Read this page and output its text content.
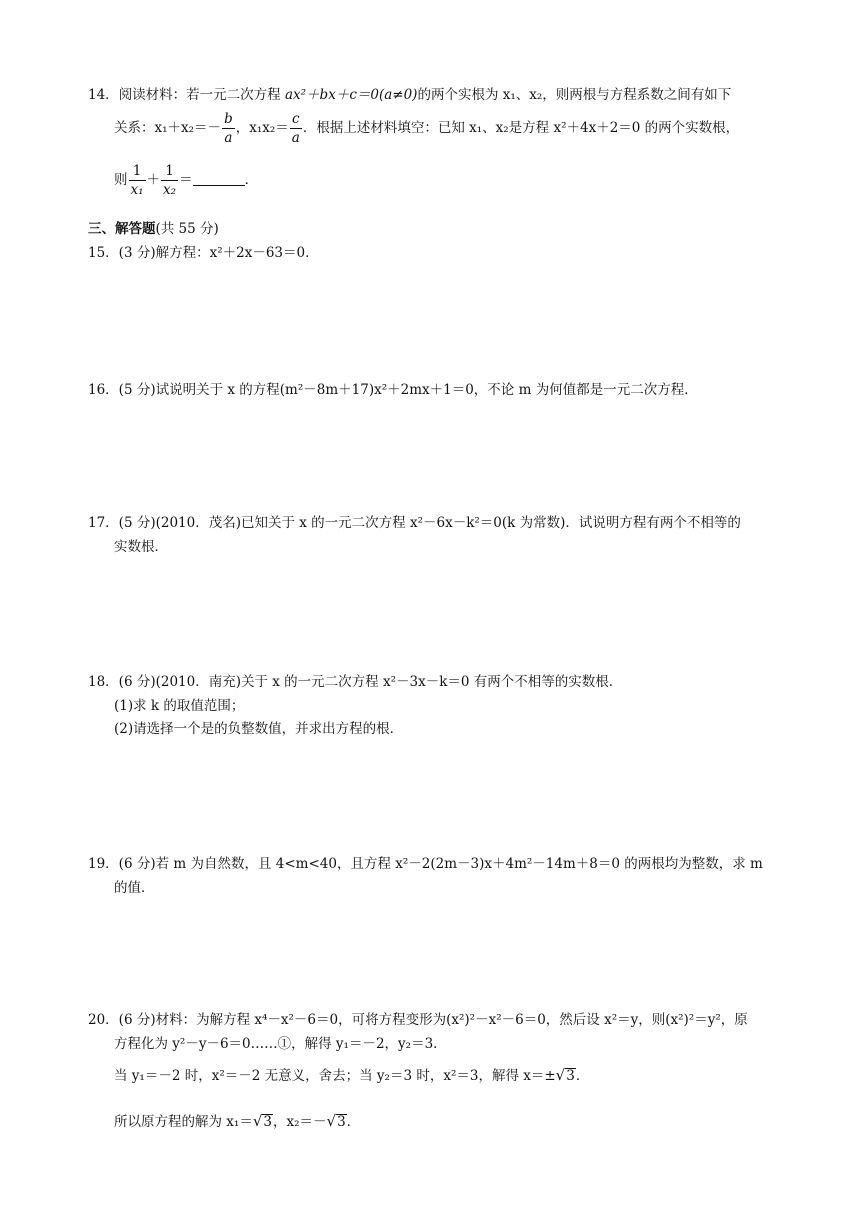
14．阅读材料：若一元二次方程 ax²＋bx＋c＝0(a≠0)的两个实根为 x₁、x₂，则两根与方程系数之间有如下
关系：$x_1+x_2=- \frac{b}{a}$ ，$x_1x_2= \frac{c}{a}$ ．根据上述材料填空：已知 x₁、x₂是方程 x²＋4x＋2＝0 的两个实数根，
则 $\frac{1}{\text{x₁}} + \frac{1}{\text{x₂}}$ ＝	．
三、解答题(共 55 分)
15．(3 分)解方程：x²＋2x－63＝0．
16．(5 分)试说明关于 x 的方程(m²－8m＋17)x²＋2mx＋1＝0，不论 m 为何值都是一元二次方程．
17．(5 分)(2010．茂名)已知关于 x 的一元二次方程 x²－6x－k²＝0(k 为常数)．试说明方程有两个不相等的
实数根．
18．(6 分)(2010．南充)关于 x 的一元二次方程 x²－3x－k＝0 有两个不相等的实数根．
(1)求 k 的取值范围；
(2)请选择一个是的负整数值，并求出方程的根．
19．(6 分)若 m 为自然数，且 4<m<40，且方程 x²－2(2m－3)x＋4m²－14m＋8＝0 的两根均为整数，求 m
的值．
20．(6 分)材料：为解方程 x⁴－x²－6＝0，可将方程变形为(x²)²－x²－6＝0，然后设 x²＝y，则(x²)²＝y²，原
方程化为 y²－y－6＝0……①，解得 y₁＝－2，y₂＝3．
当 y₁＝－2 时，x²＝－2 无意义，舍去；当 y₂＝3 时，x²＝3，解得 x＝±√3．
所以原方程的解为 x₁＝√3，x₂＝－√3．
